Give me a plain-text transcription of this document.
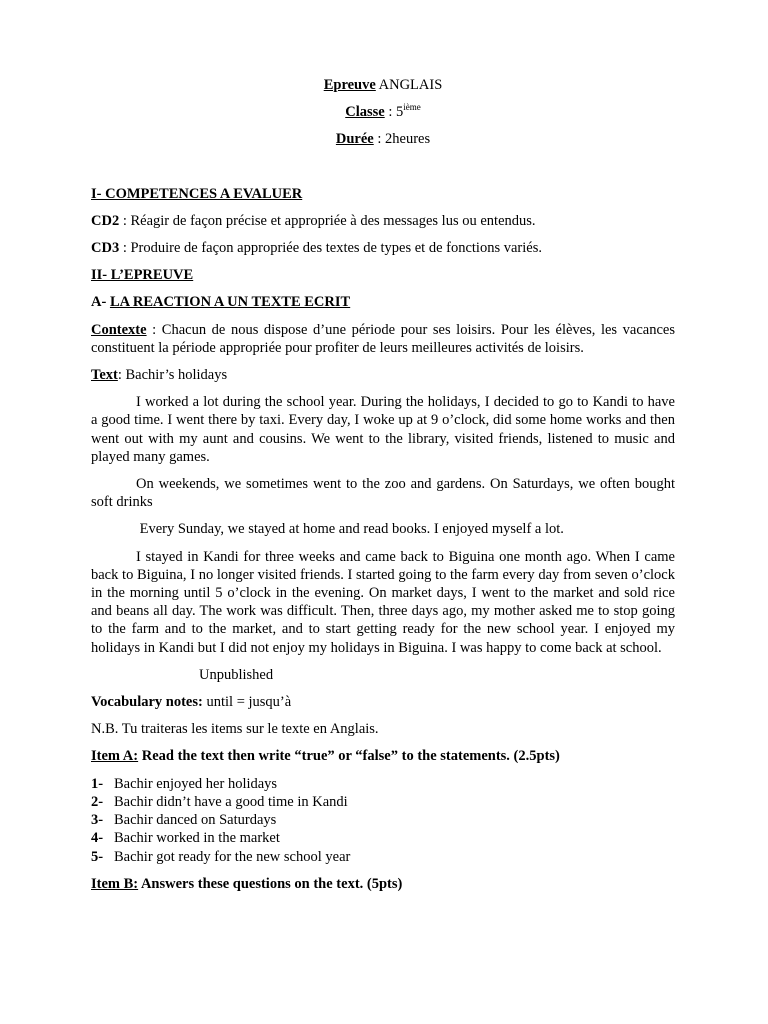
Epreuve ANGLAIS

Classe : 5ième

Durée : 2heures

I- COMPETENCES A EVALUER

CD2 : Réagir de façon précise et appropriée à des messages lus ou entendus.

CD3 : Produire de façon appropriée des textes de types et de fonctions variés.

II- L’EPREUVE

A- LA REACTION A UN TEXTE ECRIT

Contexte : Chacun de nous dispose d’une période pour ses loisirs. Pour les élèves, les vacances constituent la période appropriée pour profiter de leurs meilleures activités de loisirs.

Text: Bachir’s holidays

I worked a lot during the school year. During the holidays, I decided to go to Kandi to have a good time. I went there by taxi. Every day, I woke up at 9 o’clock, did some home works and then went out with my aunt and cousins. We went to the library, visited friends, listened to music and played many games.

On weekends, we sometimes went to the zoo and gardens. On Saturdays, we often bought soft drinks

Every Sunday, we stayed at home and read books. I enjoyed myself a lot.

I stayed in Kandi for three weeks and came back to Biguina one month ago. When I came back to Biguina, I no longer visited friends. I started going to the farm every day from seven o’clock in the morning until 5 o’clock in the evening. On market days, I went to the market and sold rice and beans all day. The work was difficult. Then, three days ago, my mother asked me to stop going to the farm and to the market, and to start getting ready for the new school year. I enjoyed my holidays in Kandi but I did not enjoy my holidays in Biguina. I was happy to come back at school.

Unpublished

Vocabulary notes: until = jusqu’à

N.B. Tu traiteras les items sur le texte en Anglais.

Item A: Read the text then write “true” or “false” to the statements. (2.5pts)

1- Bachir enjoyed her holidays
2- Bachir didn’t have a good time in Kandi
3- Bachir danced on Saturdays
4- Bachir worked in the market
5- Bachir got ready for the new school year

Item B: Answers these questions on the text. (5pts)
